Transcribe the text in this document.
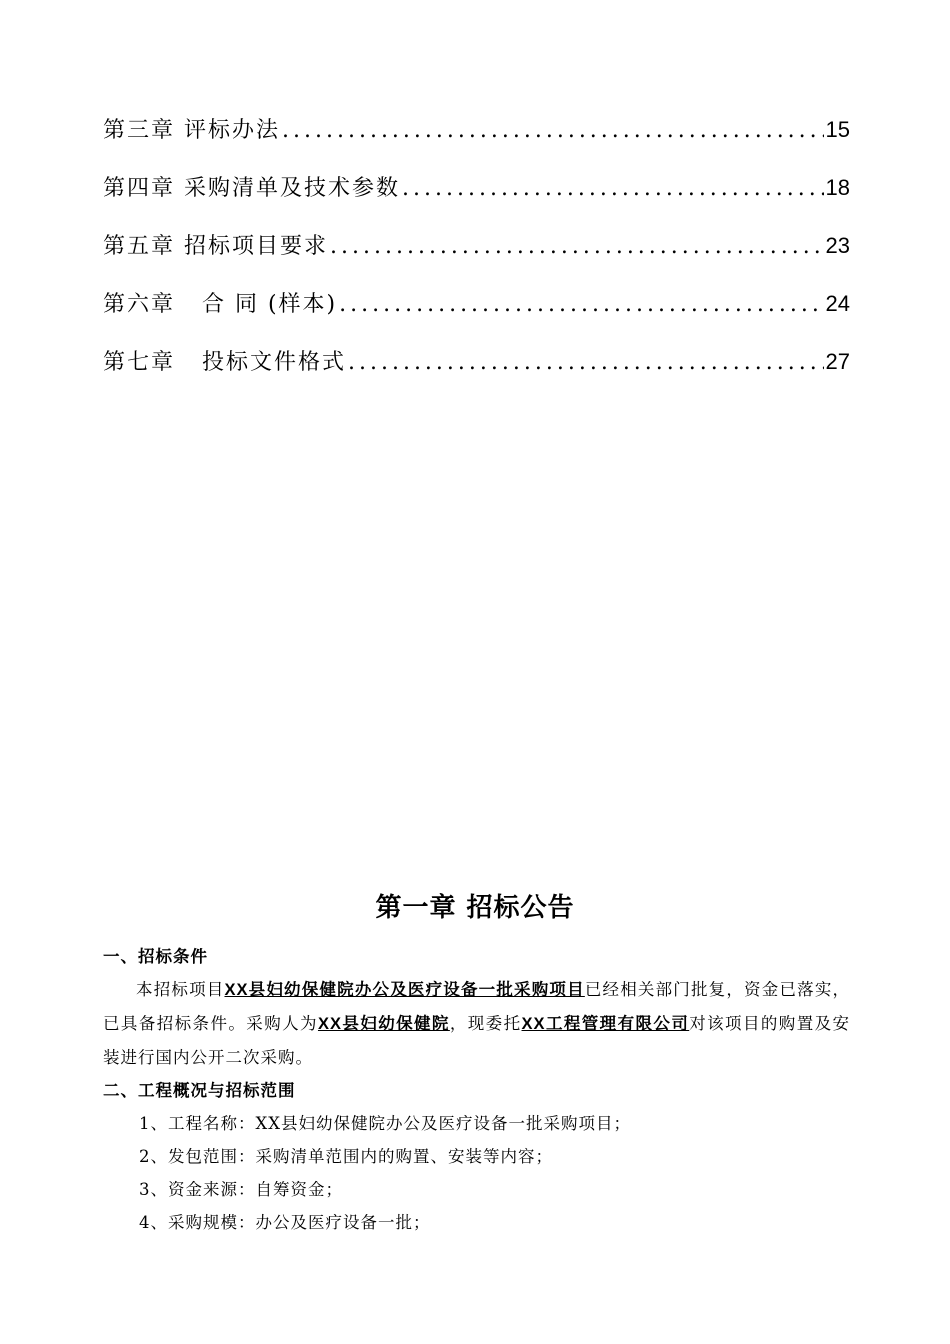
第三章 评标办法 .....	15
第四章 采购清单及技术参数 .....	18
第五章 招标项目要求 .....	23
第六章   合 同 (样本) .....	24
第七章   投标文件格式 .....	27
第一章 招标公告
一、招标条件

本招标项目XX县妇幼保健院办公及医疗设备一批采购项目已经相关部门批复，资金已落实，已具备招标条件。采购人为XX县妇幼保健院，现委托XX工程管理有限公司对该项目的购置及安装进行国内公开二次采购。

二、工程概况与招标范围
1、工程名称：XX县妇幼保健院办公及医疗设备一批采购项目；
2、发包范围：采购清单范围内的购置、安装等内容；
3、资金来源：自筹资金；
4、采购规模：办公及医疗设备一批；
